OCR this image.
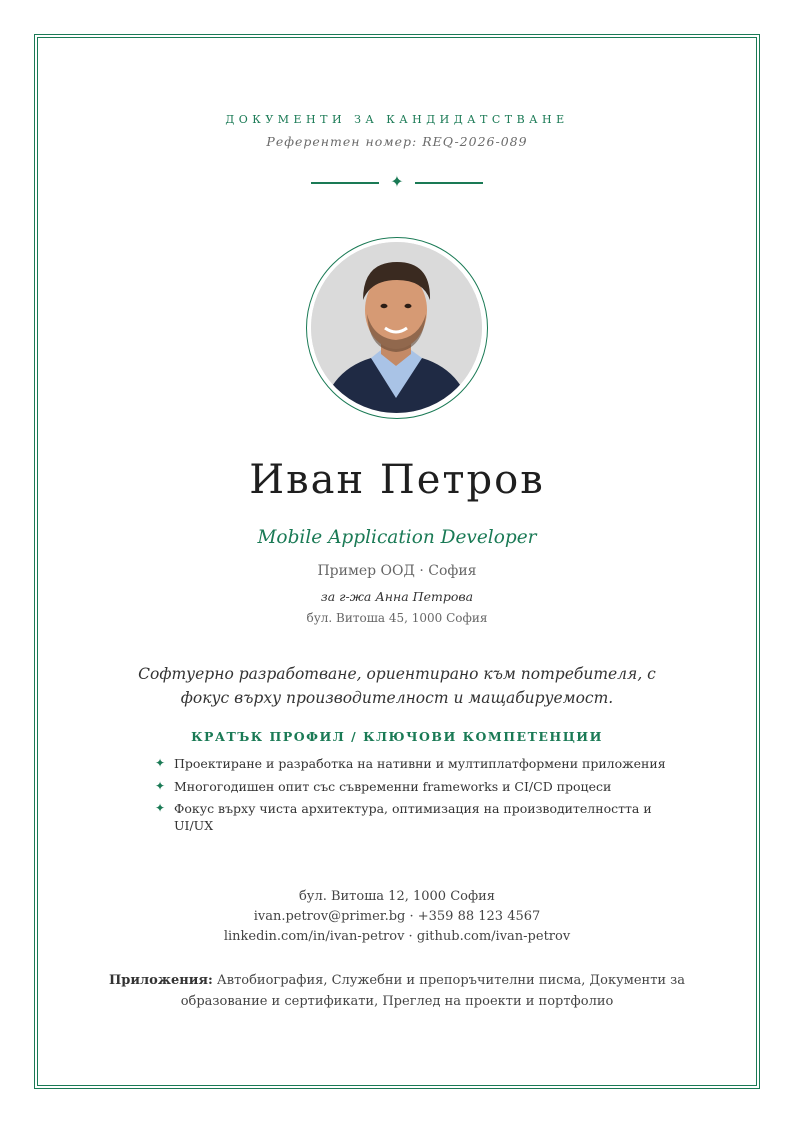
ДОКУМЕНТИ ЗА КАНДИДАТСТВАНЕ
Референтен номер: REQ-2026-089
✦
Иван Петров
Mobile Application Developer
Пример ООД · София
за г-жа Анна Петрова
бул. Витоша 45, 1000 София
Софтуерно разработване, ориентирано към потребителя, с
фокус върху производителност и мащабируемост.
КРАТЪК ПРОФИЛ / КЛЮЧОВИ КОМПЕТЕНЦИИ
✦ Проектиране и разработка на нативни и мултиплатформени приложения
✦ Многогодишен опит със съвременни frameworks и CI/CD процеси
✦ Фокус върху чиста архитектура, оптимизация на производителността и UI/UX
бул. Витоша 12, 1000 София
ivan.petrov@primer.bg · +359 88 123 4567
linkedin.com/in/ivan-petrov · github.com/ivan-petrov
Приложения: Автобиография, Служебни и препоръчителни писма, Документи за
образование и сертификати, Преглед на проекти и портфолио
